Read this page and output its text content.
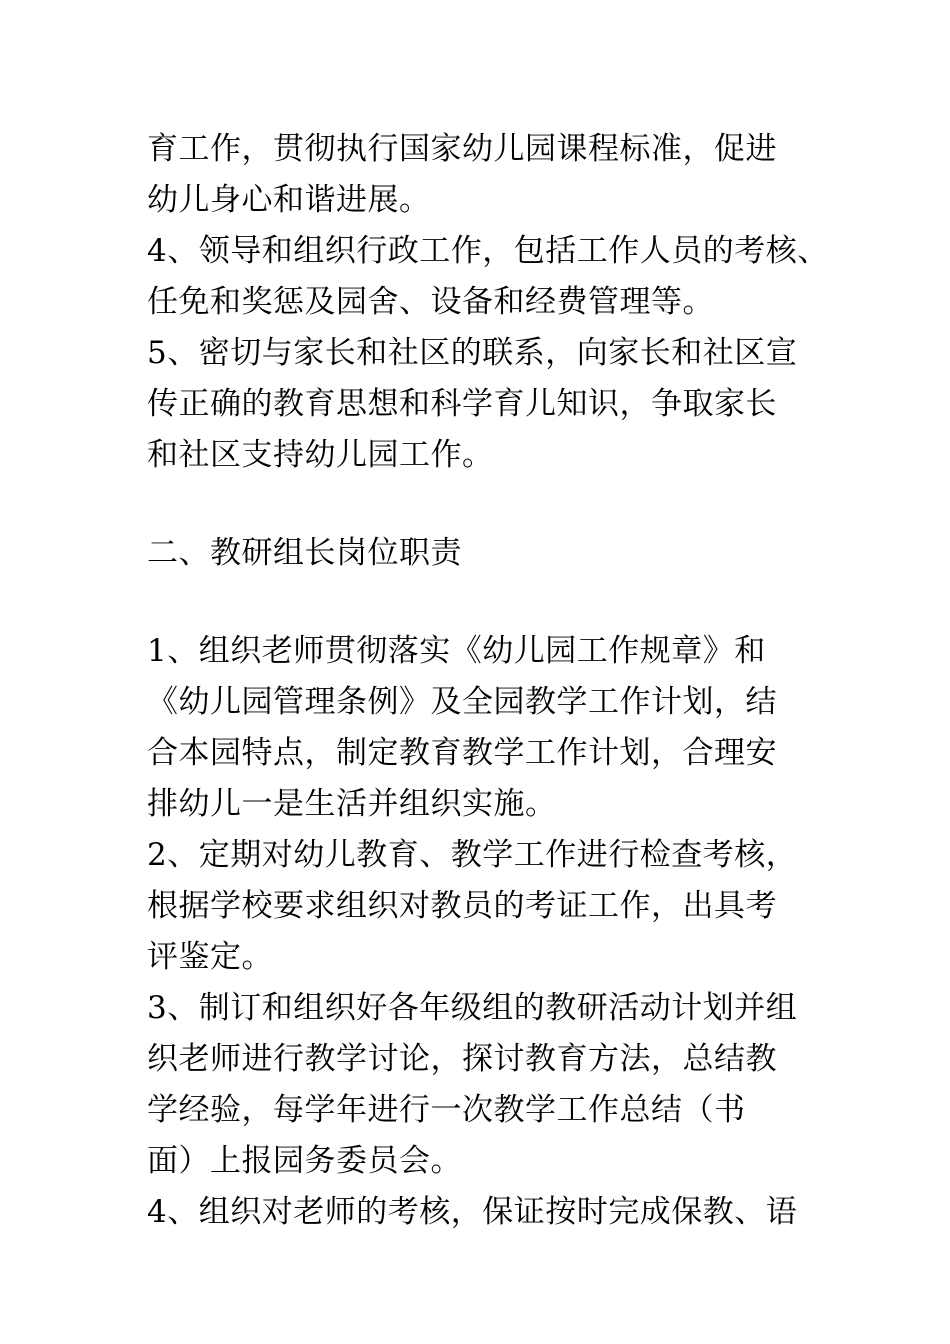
育工作，贯彻执行国家幼儿园课程标准，促进
幼儿身心和谐进展。
4、领导和组织行政工作，包括工作人员的考核、
任免和奖惩及园舍、设备和经费管理等。
5、密切与家长和社区的联系，向家长和社区宣
传正确的教育思想和科学育儿知识，争取家长
和社区支持幼儿园工作。
二、教研组长岗位职责
1、组织老师贯彻落实《幼儿园工作规章》和
《幼儿园管理条例》及全园教学工作计划，结
合本园特点，制定教育教学工作计划，合理安
排幼儿一是生活并组织实施。
2、定期对幼儿教育、教学工作进行检查考核，
根据学校要求组织对教员的考证工作，出具考
评鉴定。
3、制订和组织好各年级组的教研活动计划并组
织老师进行教学讨论，探讨教育方法，总结教
学经验，每学年进行一次教学工作总结（书
面）上报园务委员会。
4、组织对老师的考核，保证按时完成保教、语
